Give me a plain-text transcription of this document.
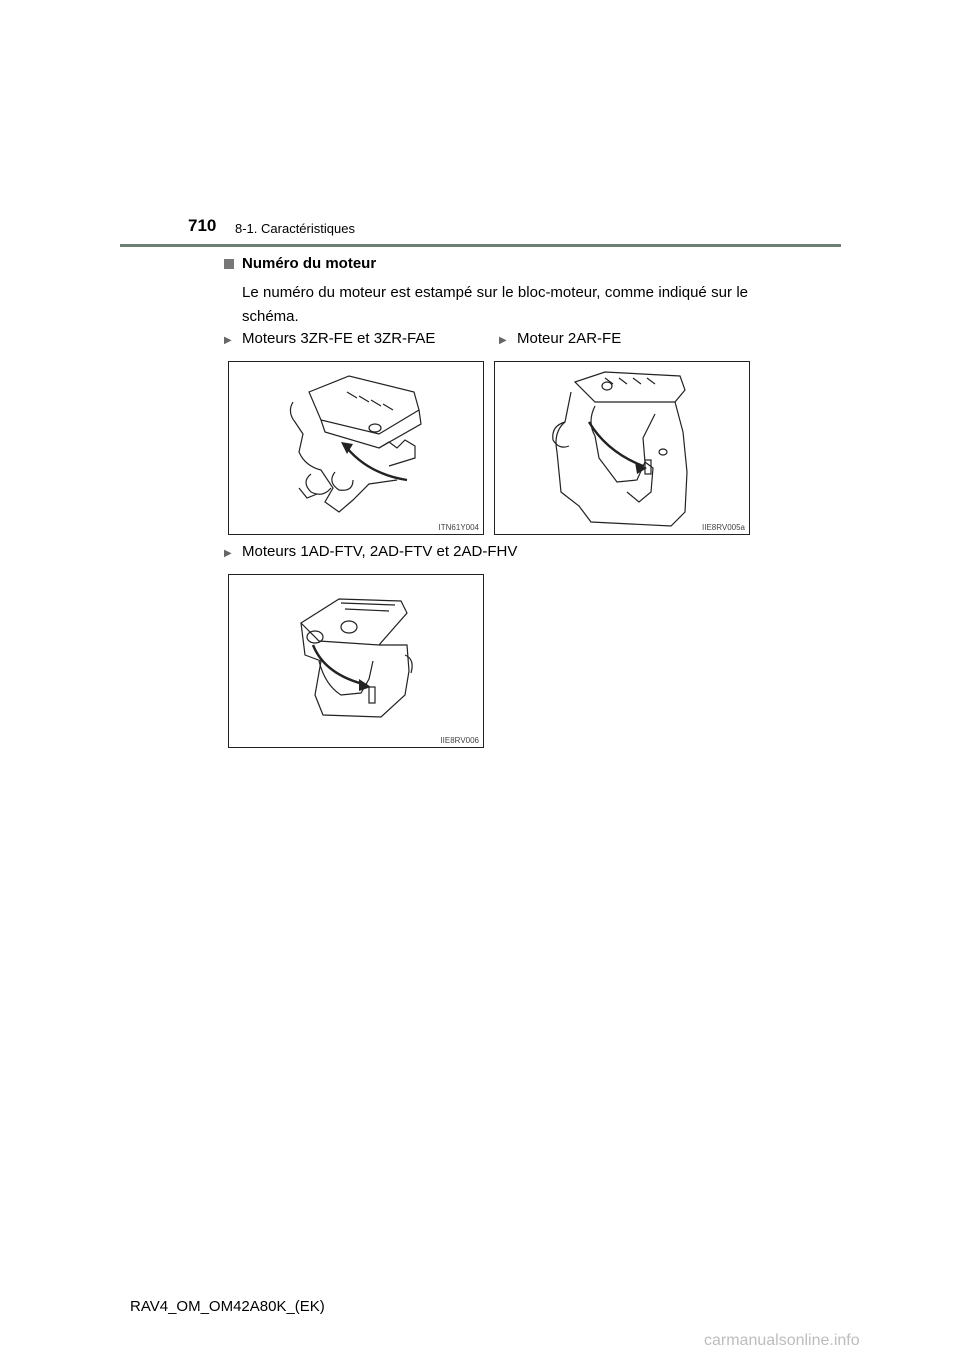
710 8-1. Caractéristiques
Numéro du moteur
Le numéro du moteur est estampé sur le bloc-moteur, comme indiqué sur le schéma.
▶ Moteurs 3ZR-FE et 3ZR-FAE	▶ Moteur 2AR-FE
ITN61Y004	IIE8RV005a
▶ Moteurs 1AD-FTV, 2AD-FTV et 2AD-FHV
IIE8RV006
RAV4_OM_OM42A80K_(EK)
carmanualsonline.info
